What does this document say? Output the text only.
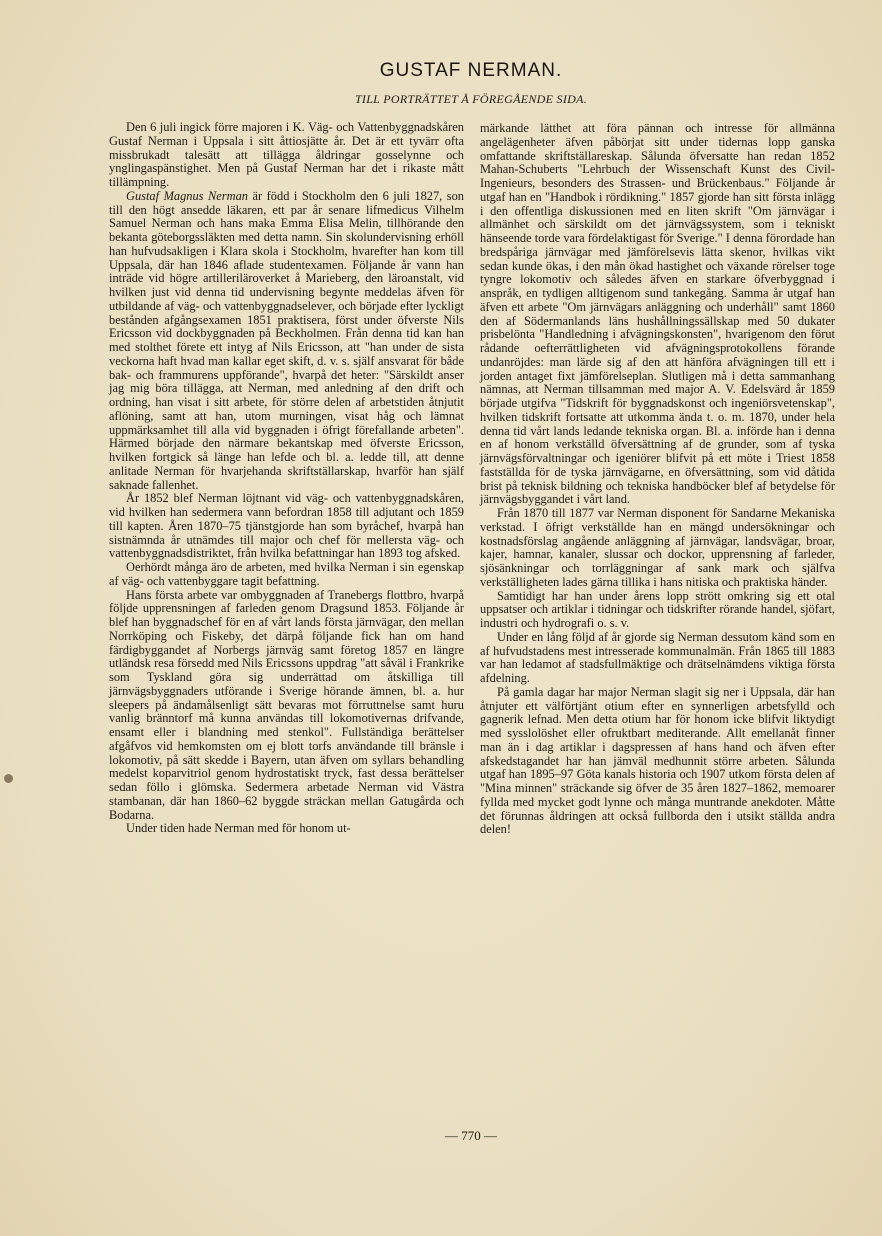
GUSTAF NERMAN.
TILL PORTRÄTTET Å FÖREGÅENDE SIDA.

Den 6 juli ingick förre majoren i K. Väg- och Vattenbyggnadskåren Gustaf Nerman i Uppsala i sitt åttiosjätte år. Det är ett tyvärr ofta missbrukadt talesätt att tillägga åldringar gosselynne och ynglingaspänstighet. Men på Gustaf Nerman har det i rikaste mått tillämpning.

Gustaf Magnus Nerman är född i Stockholm den 6 juli 1827, son till den högt ansedde läkaren, ett par år senare lifmedicus Vilhelm Samuel Nerman och hans maka Emma Elisa Melin, tillhörande den bekanta göteborgssläkten med detta namn. Sin skolundervisning erhöll han hufvudsakligen i Klara skola i Stockholm, hvarefter han kom till Uppsala, där han 1846 aflade studentexamen. Följande år vann han inträde vid högre artilleriläroverket å Marieberg, den läroanstalt, vid hvilken just vid denna tid undervisning begynte meddelas äfven för utbildande af väg- och vattenbyggnadselever, och började efter lyckligt bestånden afgångsexamen 1851 praktisera, först under öfverste Nils Ericsson vid dockbyggnaden på Beckholmen. Från denna tid kan han med stolthet förete ett intyg af Nils Ericsson, att "han under de sista veckorna haft hvad man kallar eget skift, d. v. s. själf ansvarat för både bak- och frammurens uppförande", hvarpå det heter: "Särskildt anser jag mig böra tillägga, att Nerman, med anledning af den drift och ordning, han visat i sitt arbete, för större delen af arbetstiden åtnjutit aflöning, samt att han, utom murningen, visat håg och lämnat uppmärksamhet till alla vid byggnaden i öfrigt förefallande arbeten". Härmed började den närmare bekantskap med öfverste Ericsson, hvilken fortgick så länge han lefde och bl. a. ledde till, att denne anlitade Nerman för hvarjehanda skriftställarskap, hvarför han själf saknade fallenhet.

År 1852 blef Nerman löjtnant vid väg- och vattenbyggnadskåren, vid hvilken han sedermera vann befordran 1858 till adjutant och 1859 till kapten. Åren 1870–75 tjänstgjorde han som byråchef, hvarpå han sistnämnda år utnämdes till major och chef för mellersta väg- och vattenbyggnadsdistriktet, från hvilka befattningar han 1893 tog afsked.

Oerhördt många äro de arbeten, med hvilka Nerman i sin egenskap af väg- och vattenbyggare tagit befattning.

Hans första arbete var ombyggnaden af Tranebergs flottbro, hvarpå följde upprensningen af farleden genom Dragsund 1853. Följande år blef han byggnadschef för en af vårt lands första järnvägar, den mellan Norrköping och Fiskeby, det därpå följande fick han om hand färdigbyggandet af Norbergs järnväg samt företog 1857 en längre utländsk resa försedd med Nils Ericssons uppdrag "att såväl i Frankrike som Tyskland göra sig underrättad om åtskilliga till järnvägsbyggnaders utförande i Sverige hörande ämnen, bl. a. hur sleepers på ändamålsenligt sätt bevaras mot förruttnelse samt huru vanlig bränntorf må kunna användas till lokomotivernas drifvande, ensamt eller i blandning med stenkol". Fullständiga berättelser afgåfvos vid hemkomsten om ej blott torfs användande till bränsle i lokomotiv, på sätt skedde i Bayern, utan äfven om syllars behandling medelst koparvitriol genom hydrostatiskt tryck, fast dessa berättelser sedan föllo i glömska. Sedermera arbetade Nerman vid Västra stambanan, där han 1860–62 byggde sträckan mellan Gatugårda och Bodarna.

Under tiden hade Nerman med för honom ut-

märkande lätthet att föra pännan och intresse för allmänna angelägenheter äfven påbörjat sitt under tidernas lopp ganska omfattande skriftställareskap. Sålunda öfversatte han redan 1852 Mahan-Schuberts "Lehrbuch der Wissenschaft Kunst des Civil-Ingenieurs, besonders des Strassen- und Brückenbaus." Följande år utgaf han en "Handbok i rördikning." 1857 gjorde han sitt första inlägg i den offentliga diskussionen med en liten skrift "Om järnvägar i allmänhet och särskildt om det järnvägssystem, som i tekniskt hänseende torde vara fördelaktigast för Sverige." I denna förordade han bredspåriga järnvägar med jämförelsevis lätta skenor, hvilkas vikt sedan kunde ökas, i den mån ökad hastighet och växande rörelser toge tyngre lokomotiv och således äfven en starkare öfverbyggnad i anspråk, en tydligen alltigenom sund tankegång. Samma år utgaf han äfven ett arbete "Om järnvägars anläggning och underhåll" samt 1860 den af Södermanlands läns hushållningssällskap med 50 dukater prisbelönta "Handledning i afvägningskonsten", hvarigenom den förut rådande oefterrättligheten vid afvägningsprotokollens förande undanröjdes: man lärde sig af den att hänföra afvägningen till ett i jorden antaget fixt jämförelseplan. Slutligen må i detta sammanhang nämnas, att Nerman tillsamman med major A. V. Edelsvärd år 1859 började utgifva "Tidskrift för byggnadskonst och ingeniörsvetenskap", hvilken tidskrift fortsatte att utkomma ända t. o. m. 1870, under hela denna tid vårt lands ledande tekniska organ. Bl. a. införde han i denna en af honom verkställd öfversättning af de grunder, som af tyska järnvägsförvaltningar och igeniörer blifvit på ett möte i Triest 1858 fastställda för de tyska järnvägarne, en öfversättning, som vid dåtida brist på teknisk bildning och tekniska handböcker blef af betydelse för järnvägsbyggandet i vårt land.

Från 1870 till 1877 var Nerman disponent för Sandarne Mekaniska verkstad. I öfrigt verkställde han en mängd undersökningar och kostnadsförslag angående anläggning af järnvägar, landsvägar, broar, kajer, hamnar, kanaler, slussar och dockor, upprensning af farleder, sjösänkningar och torrläggningar af sank mark och själfva verkställigheten lades gärna tillika i hans nitiska och praktiska händer.

Samtidigt har han under årens lopp strött omkring sig ett otal uppsatser och artiklar i tidningar och tidskrifter rörande handel, sjöfart, industri och hydrografi o. s. v.

Under en lång följd af år gjorde sig Nerman dessutom känd som en af hufvudstadens mest intresserade kommunalmän. Från 1865 till 1883 var han ledamot af stadsfullmäktige och drätselnämdens viktiga första afdelning.

På gamla dagar har major Nerman slagit sig ner i Uppsala, där han åtnjuter ett välförtjänt otium efter en synnerligen arbetsfylld och gagnerik lefnad. Men detta otium har för honom icke blifvit liktydigt med sysslolöshet eller ofruktbart mediterande. Allt emellanåt finner man än i dag artiklar i dagspressen af hans hand och äfven efter afskedstagandet har han jämväl medhunnit större arbeten. Sålunda utgaf han 1895–97 Göta kanals historia och 1907 utkom första delen af "Mina minnen" sträckande sig öfver de 35 åren 1827–1862, memoarer fyllda med mycket godt lynne och många muntrande anekdoter. Måtte det förunnas åldringen att också fullborda den i utsikt ställda andra delen!

— 770 —
